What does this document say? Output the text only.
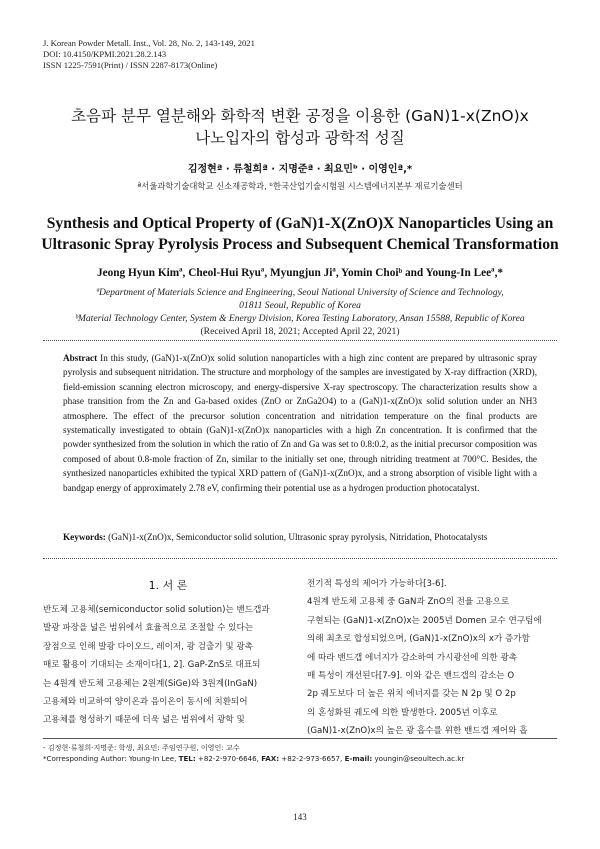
J. Korean Powder Metall. Inst., Vol. 28, No. 2, 143-149, 2021
DOI: 10.4150/KPMI.2021.28.2.143
ISSN 1225-7591(Print) / ISSN 2287-8173(Online)
초음파 분무 열분해와 화학적 변환 공정을 이용한 (GaN)1-x(ZnO)x
나노입자의 합성과 광학적 성질
김정현ª · 류철희ª · 지명준ª · 최요민ᵇ · 이영인ª,*
ª서울과학기술대학교 신소재공학과, ᵇ한국산업기술시험원 시스템에너지본부 재료기술센터
Synthesis and Optical Property of (GaN)1-X(ZnO)X Nanoparticles Using an
Ultrasonic Spray Pyrolysis Process and Subsequent Chemical Transformation
Jeong Hyun Kimª, Cheol-Hui Ryuª, Myungjun Jiª, Yomin Choiᵇ and Young-In Leeª,*
ªDepartment of Materials Science and Engineering, Seoul National University of Science and Technology,
01811 Seoul, Republic of Korea
ᵇMaterial Technology Center, System & Energy Division, Korea Testing Laboratory, Ansan 15588, Republic of Korea
(Received April 18, 2021; Accepted April 22, 2021)
Abstract In this study, (GaN)1-x(ZnO)x solid solution nanoparticles with a high zinc content are prepared by ultrasonic spray pyrolysis and subsequent nitridation. The structure and morphology of the samples are investigated by X-ray diffraction (XRD), field-emission scanning electron microscopy, and energy-dispersive X-ray spectroscopy. The characterization results show a phase transition from the Zn and Ga-based oxides (ZnO or ZnGa2O4) to a (GaN)1-x(ZnO)x solid solution under an NH3 atmosphere. The effect of the precursor solution concentration and nitridation temperature on the final products are systematically investigated to obtain (GaN)1-x(ZnO)x nanoparticles with a high Zn concentration. It is confirmed that the powder synthesized from the solution in which the ratio of Zn and Ga was set to 0.8:0.2, as the initial precursor composition was composed of about 0.8-mole fraction of Zn, similar to the initially set one, through nitriding treatment at 700°C. Besides, the synthesized nanoparticles exhibited the typical XRD pattern of (GaN)1-x(ZnO)x, and a strong absorption of visible light with a bandgap energy of approximately 2.78 eV, confirming their potential use as a hydrogen production photocatalyst.
Keywords: (GaN)1-x(ZnO)x, Semiconductor solid solution, Ultrasonic spray pyrolysis, Nitridation, Photocatalysts
1. 서 론
반도체 고용체(semiconductor solid solution)는 밴드갭과
발광 파장을 넓은 범위에서 효율적으로 조절할 수 있다는
장점으로 인해 발광 다이오드, 레이저, 광 검출기 및 광촉
매로 활용이 기대되는 소재이다[1, 2]. GaP-ZnS로 대표되
는 4원계 반도체 고용체는 2원계(SiGe)와 3원계(InGaN)
고용체와 비교하여 양이온과 음이온이 동시에 치환되어
고용체를 형성하기 때문에 더욱 넓은 범위에서 광학 및
전기적 특성의 제어가 가능하다[3-6].
4원계 반도체 고용체 중 GaN과 ZnO의 전율 고용으로
구현되는 (GaN)1-x(ZnO)x는 2005년 Domen 교수 연구팀에
의해 최초로 합성되었으며, (GaN)1-x(ZnO)x의 x가 증가함
에 따라 밴드갭 에너지가 감소하여 가시광선에 의한 광촉
매 특성이 개선된다[7-9]. 이와 같은 밴드갭의 감소는 O
2p 궤도보다 더 높은 위치 에너지를 갖는 N 2p 및 O 2p
의 혼성화된 궤도에 의한 발생한다. 2005년 이후로
(GaN)1-x(ZnO)x의 높은 광 흡수를 위한 밴드갭 제어와 흡
- 김정현·류철희·지명준: 학생, 최요민: 주임연구원, 이영인: 교수
*Corresponding Author: Young-In Lee, TEL: +82-2-970-6646, FAX: +82-2-973-6657, E-mail: youngin@seoultech.ac.kr
143
